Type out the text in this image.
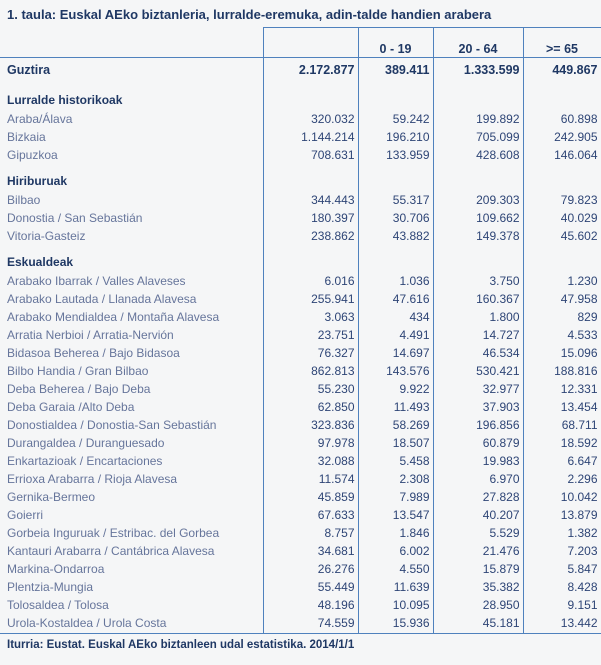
1. taula: Euskal AEko biztanleria, lurralde-eremuka, adin-talde handien arabera
		0 - 19	20 - 64	>= 65
Guztira	2.172.877	389.411	1.333.599	449.867
Lurralde historikoak				
Araba/Álava	320.032	59.242	199.892	60.898
Bizkaia	1.144.214	196.210	705.099	242.905
Gipuzkoa	708.631	133.959	428.608	146.064
Hiriburuak				
Bilbao	344.443	55.317	209.303	79.823
Donostia / San Sebastián	180.397	30.706	109.662	40.029
Vitoria-Gasteiz	238.862	43.882	149.378	45.602
Eskualdeak				
Arabako Ibarrak / Valles Alaveses	6.016	1.036	3.750	1.230
Arabako Lautada / Llanada Alavesa	255.941	47.616	160.367	47.958
Arabako Mendialdea / Montaña Alavesa	3.063	434	1.800	829
Arratia Nerbioi / Arratia-Nervión	23.751	4.491	14.727	4.533
Bidasoa Beherea / Bajo Bidasoa	76.327	14.697	46.534	15.096
Bilbo Handia / Gran Bilbao	862.813	143.576	530.421	188.816
Deba Beherea / Bajo Deba	55.230	9.922	32.977	12.331
Deba Garaia /Alto Deba	62.850	11.493	37.903	13.454
Donostialdea / Donostia-San Sebastián	323.836	58.269	196.856	68.711
Durangaldea / Duranguesado	97.978	18.507	60.879	18.592
Enkartazioak / Encartaciones	32.088	5.458	19.983	6.647
Errioxa Arabarra / Rioja Alavesa	11.574	2.308	6.970	2.296
Gernika-Bermeo	45.859	7.989	27.828	10.042
Goierri	67.633	13.547	40.207	13.879
Gorbeia Inguruak / Estribac. del Gorbea	8.757	1.846	5.529	1.382
Kantauri Arabarra / Cantábrica Alavesa	34.681	6.002	21.476	7.203
Markina-Ondarroa	26.276	4.550	15.879	5.847
Plentzia-Mungia	55.449	11.639	35.382	8.428
Tolosaldea / Tolosa	48.196	10.095	28.950	9.151
Urola-Kostaldea / Urola Costa	74.559	15.936	45.181	13.442
Iturria: Eustat. Euskal AEko biztanleen udal estatistika. 2014/1/1
